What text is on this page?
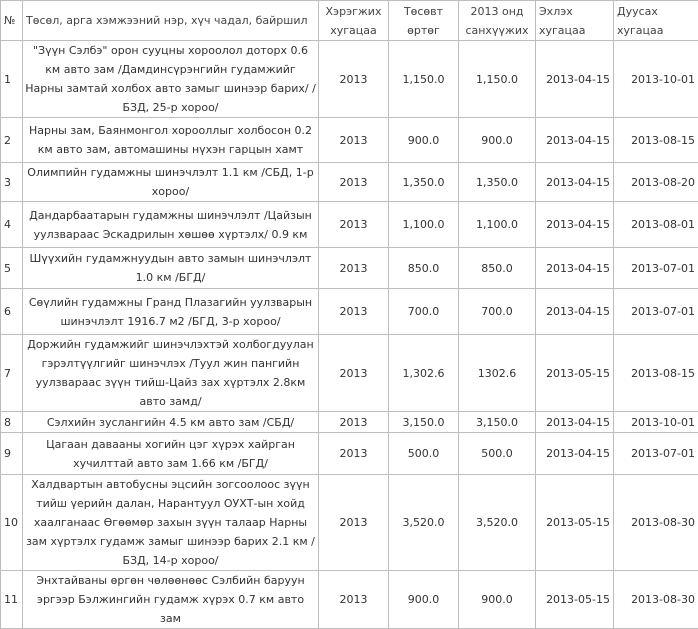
№	Төсөл, арга хэмжээний нэр, хүч чадал, байршил	Хэрэгжих хугацаа	Төсөвт өртөг	2013 онд санхүүжих	Эхлэх хугацаа	Дуусах хугацаа
1	"Зүүн Сэлбэ" орон сууцны хороолол доторх 0.6 км авто зам /Дамдинсүрэнгийн гудамжийг Нарны замтай холбох авто замыг шинээр барих/ /БЗД, 25-р хороо/	2013	1,150.0	1,150.0	2013-04-15	2013-10-01
2	Нарны зам, Баянмонгол хорооллыг холбосон 0.2 км авто зам, автомашины нүхэн гарцын хамт	2013	900.0	900.0	2013-04-15	2013-08-15
3	Олимпийн гудамжны шинэчлэлт 1.1 км /СБД, 1-р хороо/	2013	1,350.0	1,350.0	2013-04-15	2013-08-20
4	Дандарбаатарын гудамжны шинэчлэлт /Цайзын уулзвараас Эскадрилын хөшөө хүртэлх/ 0.9 км	2013	1,100.0	1,100.0	2013-04-15	2013-08-01
5	Шүүхийн гудамжнуудын авто замын шинэчлэлт 1.0 км /БГД/	2013	850.0	850.0	2013-04-15	2013-07-01
6	Сөүлийн гудамжны Гранд Плазагийн уулзварын шинэчлэлт 1916.7 м2 /БГД, 3-р хороо/	2013	700.0	700.0	2013-04-15	2013-07-01
7	Доржийн гудамжийг шинэчлэхтэй холбогдуулан гэрэлтүүлгийг шинэчлэх /Туул жин пангийн уулзвараас зүүн тийш-Цайз зах хүртэлх 2.8км авто замд/	2013	1,302.6	1302.6	2013-05-15	2013-08-15
8	Сэлхийн зуслангийн 4.5 км авто зам /СБД/	2013	3,150.0	3,150.0	2013-04-15	2013-10-01
9	Цагаан давааны хогийн цэг хүрэх хайрган хучилттай авто зам 1.66 км /БГД/	2013	500.0	500.0	2013-04-15	2013-07-01
10	Халдвартын автобусны эцсийн зогсоолоос зүүн тийш үерийн далан, Нарантуул ОУХТ-ын хойд хаалганаас Өгөөмөр захын зүүн талаар Нарны зам хүртэлх гудамж замыг шинээр барих 2.1 км /БЗД, 14-р хороо/	2013	3,520.0	3,520.0	2013-05-15	2013-08-30
11	Энхтайваны өргөн чөлөөнөөс Сэлбийн баруун эргээр Бэлжингийн гудамж хүрэх 0.7 км авто зам	2013	900.0	900.0	2013-05-15	2013-08-30
